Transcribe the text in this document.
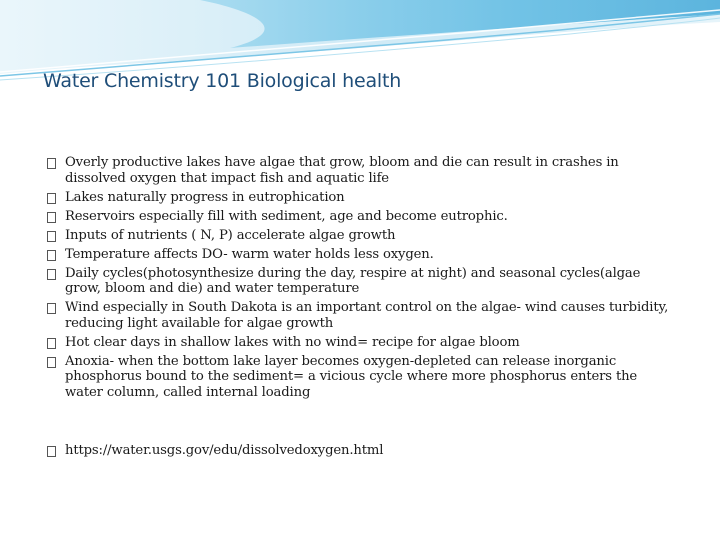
Water Chemistry 101 Biological health
Overly productive lakes have algae that grow, bloom and die can result in crashes in dissolved oxygen that impact fish and aquatic life
Lakes naturally progress in eutrophication
Reservoirs especially fill with sediment, age and become eutrophic.
Inputs of nutrients ( N, P) accelerate algae growth
Temperature affects DO- warm water holds less oxygen.
Daily cycles(photosynthesize during the day, respire at night) and seasonal cycles(algae grow, bloom and die) and water temperature
Wind especially in South Dakota is an important control on the algae- wind causes turbidity, reducing light available for algae growth
Hot clear days in shallow lakes with no wind= recipe for algae bloom
Anoxia- when the bottom lake layer becomes oxygen-depleted can release inorganic phosphorus bound to the sediment= a vicious cycle where more phosphorus enters the water column, called internal loading
https://water.usgs.gov/edu/dissolvedoxygen.html
